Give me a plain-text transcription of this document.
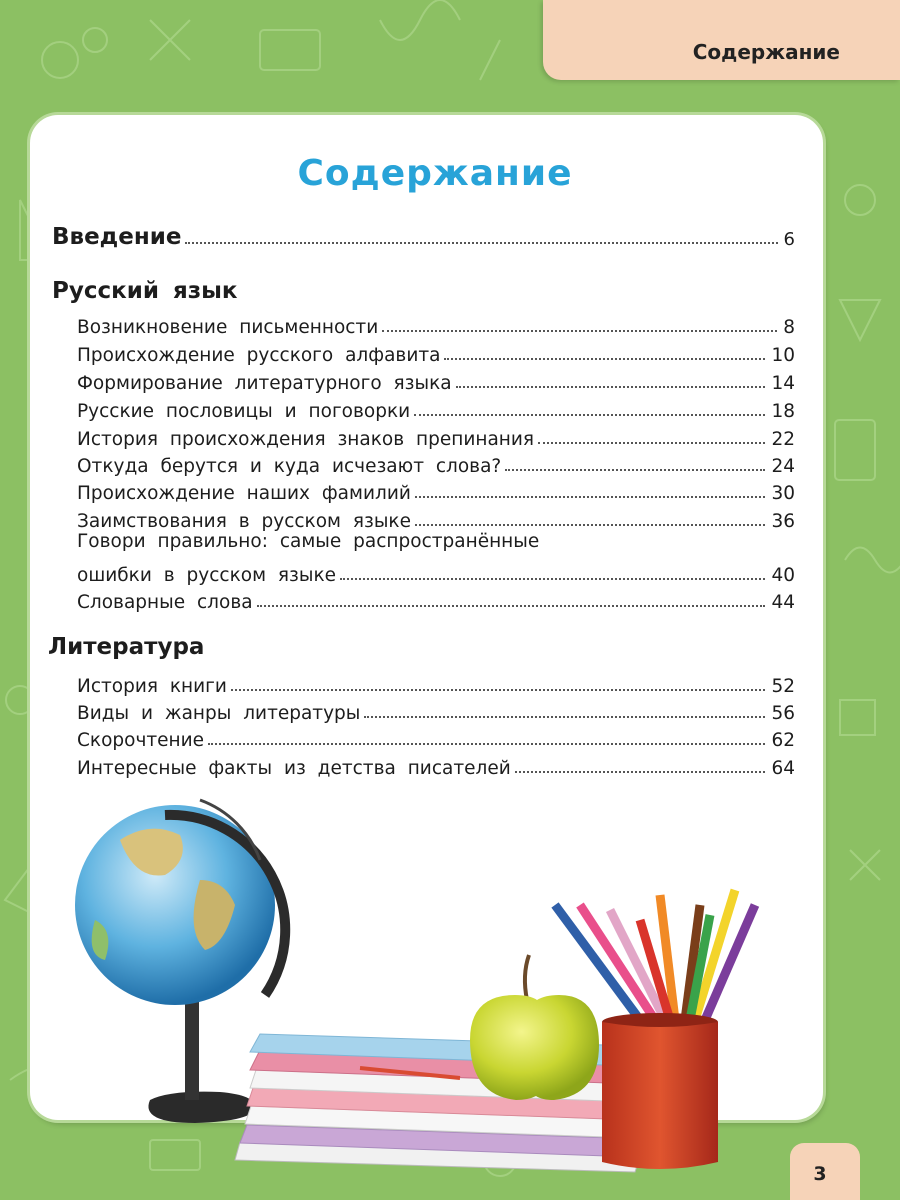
Содержание
Содержание
Введение	6
Русский язык
Возникновение письменности	8
Происхождение русского алфавита	10
Формирование литературного языка	14
Русские пословицы и поговорки	18
История происхождения знаков препинания	22
Откуда берутся и куда исчезают слова?	24
Происхождение наших фамилий	30
Заимствования в русском языке	36
Говори правильно: самые распространённые
ошибки в русском языке	40
Словарные слова	44
Литература
История книги	52
Виды и жанры литературы	56
Скорочтение	62
Интересные факты из детства писателей	64
3
